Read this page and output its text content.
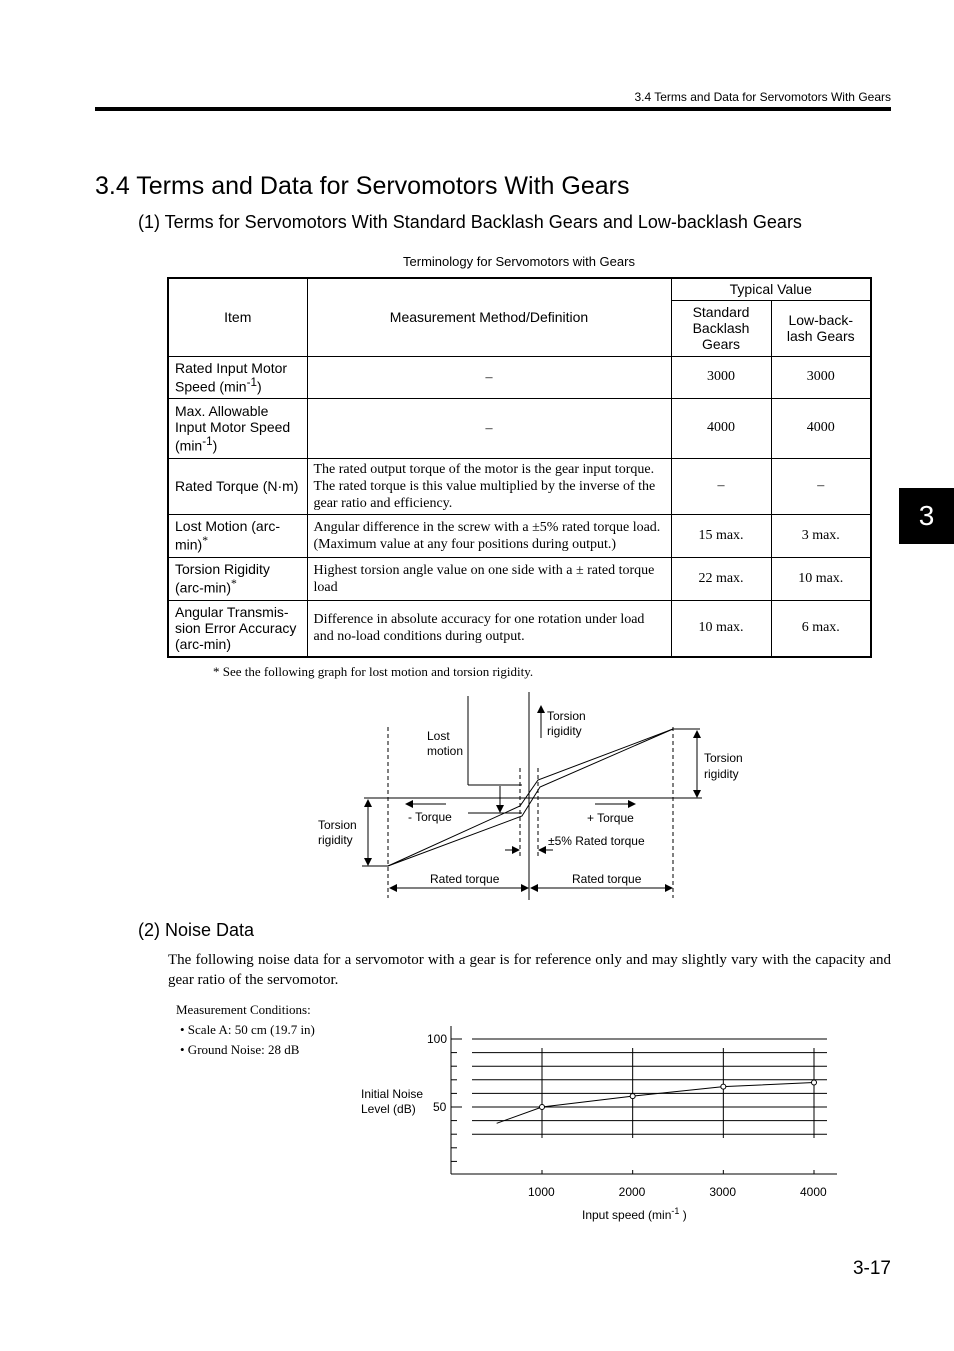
3.4 Terms and Data for Servomotors With Gears
3.4 Terms and Data for Servomotors With Gears
(1) Terms for Servomotors With Standard Backlash Gears and Low-backlash Gears
Terminology for Servomotors with Gears
Item	Measurement Method/Definition	Typical Value	
		Standard Backlash Gears	Low-back-lash Gears
Rated Input Motor Speed $(\min^{-1})$	–	3000	3000
Max. Allowable Input Motor Speed $(\min^{-1})$	–	4000	4000
Rated Torque (N·m)	The rated output torque of the motor is the gear input torque. The rated torque is this value multiplied by the inverse of the gear ratio and efficiency.	–	–
Lost Motion (arc-min)*	Angular difference in the screw with a ±5% rated torque load. (Maximum value at any four positions during output.)	15 max.	3 max.
Torsion Rigidity (arc-min)*	Highest torsion angle value on one side with a ± rated torque load	22 max.	10 max.
Angular Transmis-sion Error Accuracy (arc-min)	Difference in absolute accuracy for one rotation under load and no-load conditions during output.	10 max.	6 max.
* See the following graph for lost motion and torsion rigidity.
3
Torsion
rigidity
Lost
motion	Torsion
rigidity
Torsion
rigidity
- Torque	+ Torque
±5% Rated torque
Rated torque	Rated torque
(2) Noise Data
The following noise data for a servomotor with a gear is for reference only and may slightly vary with the capacity and gear ratio of the servomotor.
Measurement Conditions:
• Scale A: 50 cm (19.7 in)
• Ground Noise: 28 dB
1000	2000	3000	4000
50
100
Initial Noise
Level (dB)
Input speed ($\min^{-1}$ )
3-17
